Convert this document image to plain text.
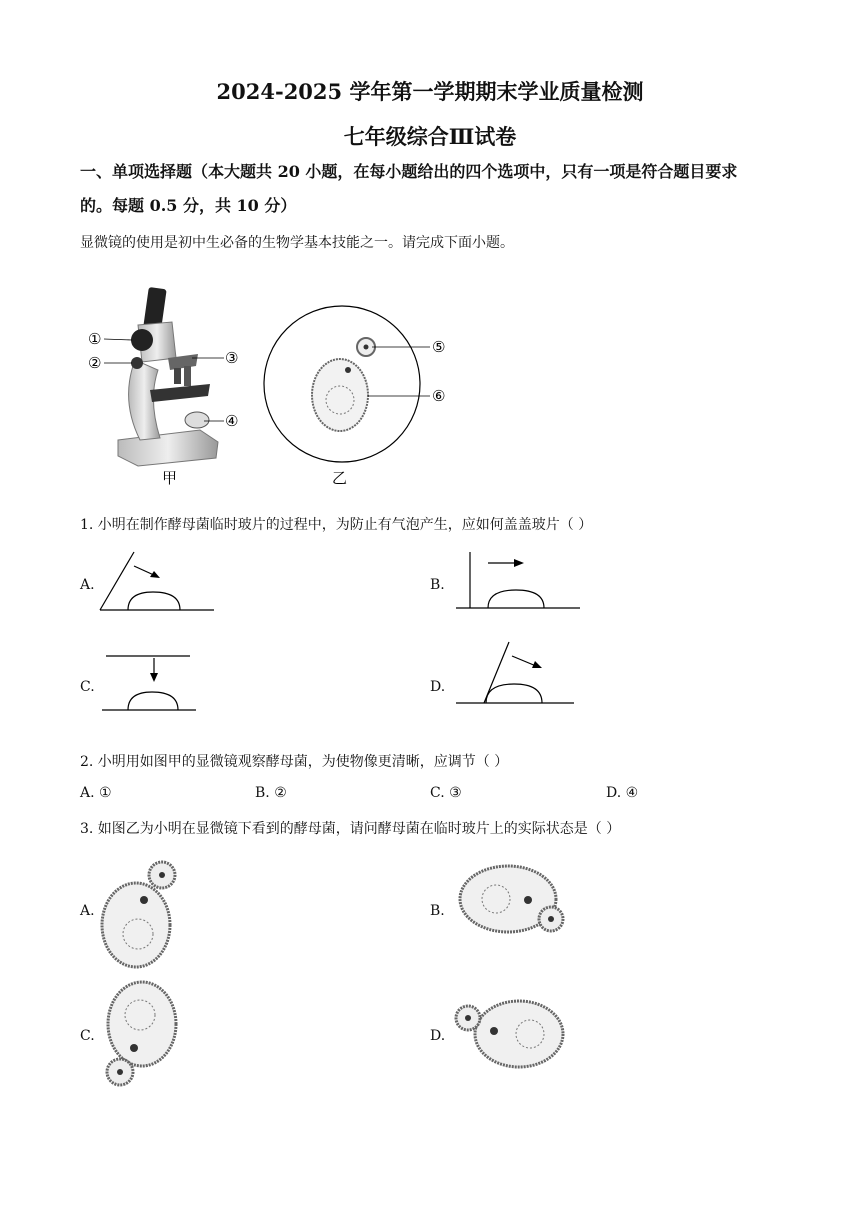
2024-2025 学年第一学期期末学业质量检测
七年级综合Ⅲ试卷
一、单项选择题（本大题共 20 小题，在每小题给出的四个选项中，只有一项是符合题目要求
的。每题 0.5 分，共 10 分）
显微镜的使用是初中生必备的生物学基本技能之一。请完成下面小题。
①
②	③
④
甲
⑤
⑥
乙
1. 小明在制作酵母菌临时玻片的过程中，为防止有气泡产生，应如何盖盖玻片（ ）
A.	B.
C.	D.
2. 小明用如图甲的显微镜观察酵母菌，为使物像更清晰，应调节（ ）
A. ①	B. ②	C. ③	D. ④
3. 如图乙为小明在显微镜下看到的酵母菌，请问酵母菌在临时玻片上的实际状态是（ ）
A.	B.
C.	D.
